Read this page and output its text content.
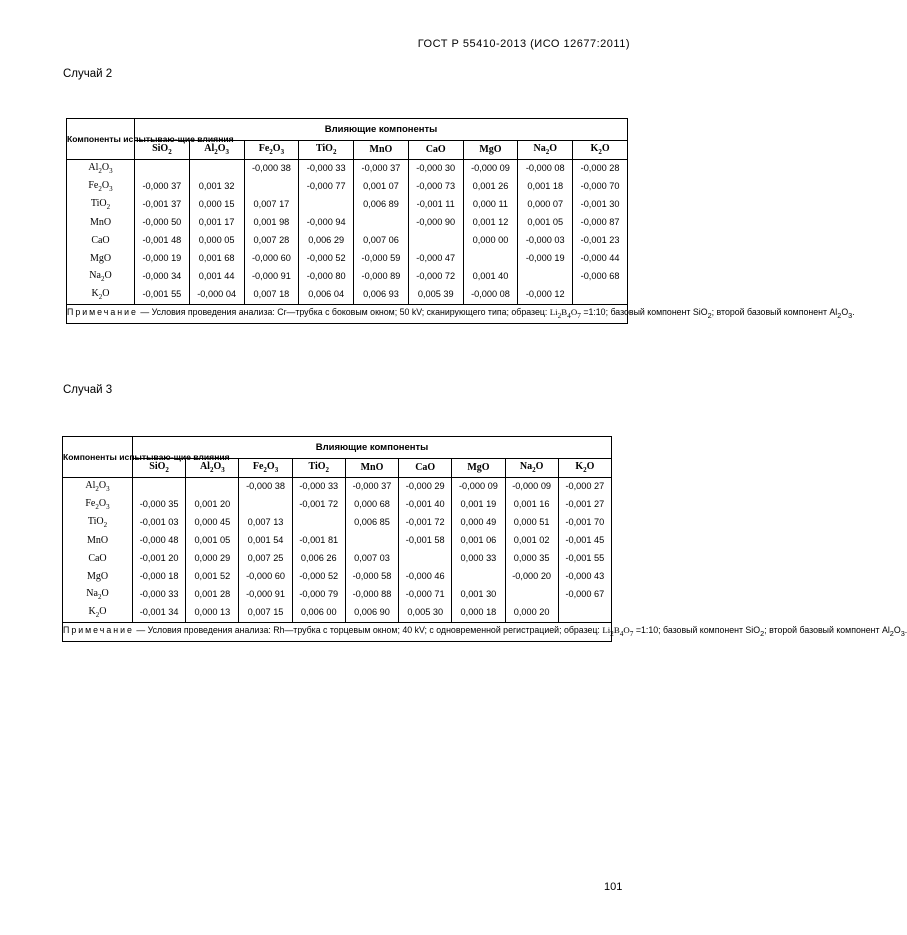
ГОСТ Р 55410-2013 (ИСО 12677:2011)
Случай 2
Компоненты испытываю-щие влияния	Влияющие компоненты								
	SiO$_2$	$Al_2O_3$	$Fe_2O_3$	TiO$_2$	MnO	CaO	MgO	$Na_2O$	$K_2O$
$Al_2O_3$			-0,000 38	-0,000 33	-0,000 37	-0,000 30	-0,000 09	-0,000 08	-0,000 28
$Fe_2O_3$	-0,000 37	0,001 32		-0,000 77	0,001 07	-0,000 73	0,001 26	0,001 18	-0,000 70
TiO$_2$	-0,001 37	0,000 15	0,007 17		0,006 89	-0,001 11	0,000 11	0,000 07	-0,001 30
MnO	-0,000 50	0,001 17	0,001 98	-0,000 94		-0,000 90	0,001 12	0,001 05	-0,000 87
CaO	-0,001 48	0,000 05	0,007 28	0,006 29	0,007 06		0,000 00	-0,000 03	-0,001 23
MgO	-0,000 19	0,001 68	-0,000 60	-0,000 52	-0,000 59	-0,000 47		-0,000 19	-0,000 44
$Na_2O$	-0,000 34	0,001 44	-0,000 91	-0,000 80	-0,000 89	-0,000 72	0,001 40		-0,000 68
$K_2O$	-0,001 55	-0,000 04	0,007 18	0,006 04	0,006 93	0,005 39	-0,000 08	-0,000 12	
Примечание — Условия проведения анализа: Cr—трубка с боковым окном; 50 kV; сканирующего типа; образец: $Li_2B_4O_7$ =1:10; базовый компонент SiO$_2$; второй базовый компонент $Al_2O_3$.									
Случай 3
Компоненты испытываю-щие влияния	Влияющие компоненты								
	SiO$_2$	$Al_2O_3$	$Fe_2O_3$	TiO$_2$	MnO	CaO	MgO	$Na_2O$	$K_2O$
$Al_2O_3$			-0,000 38	-0,000 33	-0,000 37	-0,000 29	-0,000 09	-0,000 09	-0,000 27
$Fe_2O_3$	-0,000 35	0,001 20		-0,001 72	0,000 68	-0,001 40	0,001 19	0,001 16	-0,001 27
TiO$_2$	-0,001 03	0,000 45	0,007 13		0,006 85	-0,001 72	0,000 49	0,000 51	-0,001 70
MnO	-0,000 48	0,001 05	0,001 54	-0,001 81		-0,001 58	0,001 06	0,001 02	-0,001 45
CaO	-0,001 20	0,000 29	0,007 25	0,006 26	0,007 03		0,000 33	0,000 35	-0,001 55
MgO	-0,000 18	0,001 52	-0,000 60	-0,000 52	-0,000 58	-0,000 46		-0,000 20	-0,000 43
$Na_2O$	-0,000 33	0,001 28	-0,000 91	-0,000 79	-0,000 88	-0,000 71	0,001 30		-0,000 67
$K_2O$	-0,001 34	0,000 13	0,007 15	0,006 00	0,006 90	0,005 30	0,000 18	0,000 20	
Примечание — Условия проведения анализа: Rh—трубка с торцевым окном; 40 kV; с одновременной регистрацией; образец: $Li_2B_4O_7$ =1:10; базовый компонент SiO$_2$; второй базовый компонент $Al_2O_3$.									
101
